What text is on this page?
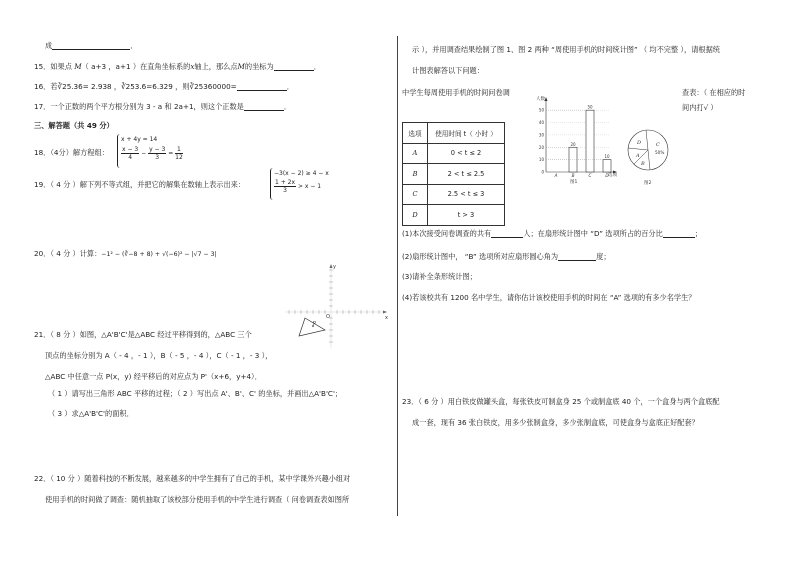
成	．
15．如果点 M（ a+3 ，a+1 ）在直角坐标系的x轴上，那么点M的坐标为	．
16．若∛25.36= 2.938 ，∛253.6=6.329 ，则∛25360000=	．
17．一个正数的两个平方根分别为 3 - a 和 2a+1，则这个正数是	．
三、解答题（共 49 分）
18．（4分）解方程组：
x + 4y = 14
$\frac{x - 3}{4} - \frac{y - 3}{3} = \frac{1}{12}$
19．（ 4 分 ）解下列不等式组，并把它的解集在数轴上表示出来：
−3(x − 2) ≥ 4 − x
$\frac{1 + 2x}{3} > x - 1$
20．（ 4 分 ）计算：−1² − (∛−8 + 8) + √(−6)² − |√7 − 3|
P
O	x
y
21．（ 8 分 ）如图，△A'B'C'是△ABC 经过平移得到的，△ABC 三个
顶点的坐标分别为 A（ - 4 ，- 1 ），B（ - 5 ，- 4 ），C（ - 1 ，- 3 ），
△ABC 中任意一点 P(x，y) 经平移后的对应点为 P'（x+6，y+4）．
（ 1 ）请写出三角形 ABC 平移的过程；（ 2 ）写出点 A'、B'、C' 的坐标，并画出△A'B'C'；
（ 3 ）求△A'B'C'的面积．
22．（ 10 分 ）随着科技的不断发展，越来越多的中学生拥有了自己的手机，某中学课外兴趣小组对
使用手机的时间做了调查：随机抽取了该校部分使用手机的中学生进行调查（ 问卷调查表如图所
示 ），并用调查结果绘制了图 1、图 2 两种 “周使用手机的时间统计图” （ 均不完整 ），请根据统
计图表解答以下问题：
中学生每周使用手机的时间问卷调	查表：（ 在相应的时
间内打√ ）
选项	使用时间 t（ 小时 ）
A	0 < t ≤ 2
B	2 < t ≤ 2.5
C	2.5 < t ≤ 3
D	t > 3
人数
选项
图1
0
10
20
30
40
50
A
20
B
50
C
10
D
D
A
B
C
50%
图2
(1)本次接受问卷调查的共有	人；在扇形统计图中 “D” 选项所占的百分比	；
(2)扇形统计图中， “B” 选项所对应扇形圆心角为	度；
(3)请补全条形统计图；
(4)若该校共有 1200 名中学生，请你估计该校使用手机的时间在 “A” 选项的有多少名学生？
23．（ 6 分 ）用白铁皮做罐头盒，每张铁皮可制盒身 25 个或制盒底 40 个，一个盒身与两个盒底配
成一套，现有 36 张白铁皮，用多少张制盒身，多少张制盒底，可使盒身与盒底正好配套？
